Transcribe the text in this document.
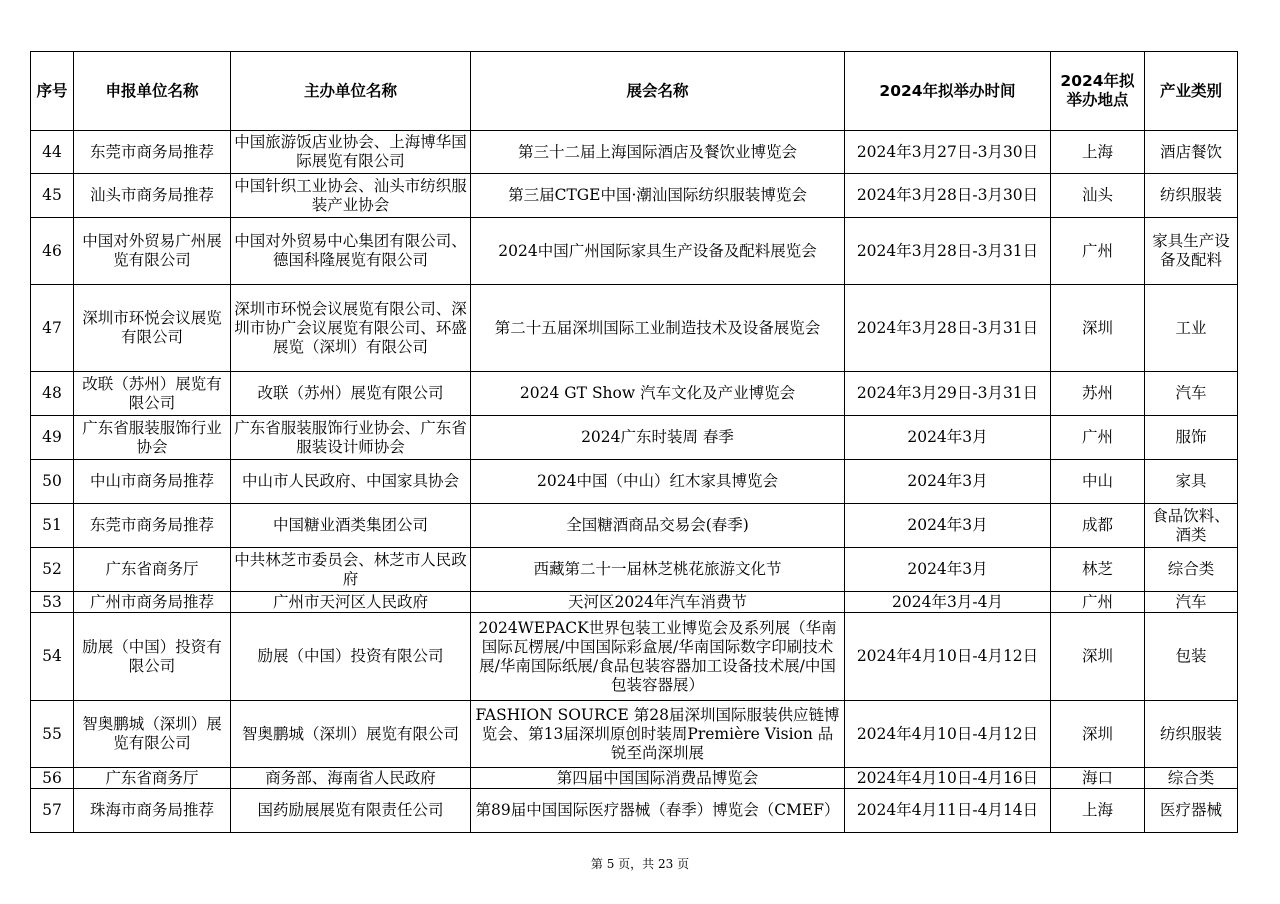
序号	申报单位名称	主办单位名称	展会名称	2024年拟举办时间	2024年拟举办地点	产业类别
44	东莞市商务局推荐	中国旅游饭店业协会、上海博华国际展览有限公司	第三十二届上海国际酒店及餐饮业博览会	2024年3月27日-3月30日	上海	酒店餐饮
45	汕头市商务局推荐	中国针织工业协会、汕头市纺织服装产业协会	第三届CTGE中国·潮汕国际纺织服装博览会	2024年3月28日-3月30日	汕头	纺织服装
46	中国对外贸易广州展览有限公司	中国对外贸易中心集团有限公司、德国科隆展览有限公司	2024中国广州国际家具生产设备及配料展览会	2024年3月28日-3月31日	广州	家具生产设备及配料
47	深圳市环悦会议展览有限公司	深圳市环悦会议展览有限公司、深圳市协广会议展览有限公司、环盛展览（深圳）有限公司	第二十五届深圳国际工业制造技术及设备展览会	2024年3月28日-3月31日	深圳	工业
48	改联（苏州）展览有限公司	改联（苏州）展览有限公司	2024 GT Show 汽车文化及产业博览会	2024年3月29日-3月31日	苏州	汽车
49	广东省服装服饰行业协会	广东省服装服饰行业协会、广东省服装设计师协会	2024广东时装周 春季	2024年3月	广州	服饰
50	中山市商务局推荐	中山市人民政府、中国家具协会	2024中国（中山）红木家具博览会	2024年3月	中山	家具
51	东莞市商务局推荐	中国糖业酒类集团公司	全国糖酒商品交易会(春季)	2024年3月	成都	食品饮料、酒类
52	广东省商务厅	中共林芝市委员会、林芝市人民政府	西藏第二十一届林芝桃花旅游文化节	2024年3月	林芝	综合类
53	广州市商务局推荐	广州市天河区人民政府	天河区2024年汽车消费节	2024年3月-4月	广州	汽车
54	励展（中国）投资有限公司	励展（中国）投资有限公司	2024WEPACK世界包装工业博览会及系列展（华南国际瓦楞展/中国国际彩盒展/华南国际数字印刷技术展/华南国际纸展/食品包装容器加工设备技术展/中国包装容器展）	2024年4月10日-4月12日	深圳	包装
55	智奥鹏城（深圳）展览有限公司	智奥鹏城（深圳）展览有限公司	FASHION SOURCE 第28届深圳国际服装供应链博览会、第13届深圳原创时装周Première Vision 品锐至尚深圳展	2024年4月10日-4月12日	深圳	纺织服装
56	广东省商务厅	商务部、海南省人民政府	第四届中国国际消费品博览会	2024年4月10日-4月16日	海口	综合类
57	珠海市商务局推荐	国药励展展览有限责任公司	第89届中国国际医疗器械（春季）博览会（CMEF）	2024年4月11日-4月14日	上海	医疗器械
第 5 页，共 23 页
